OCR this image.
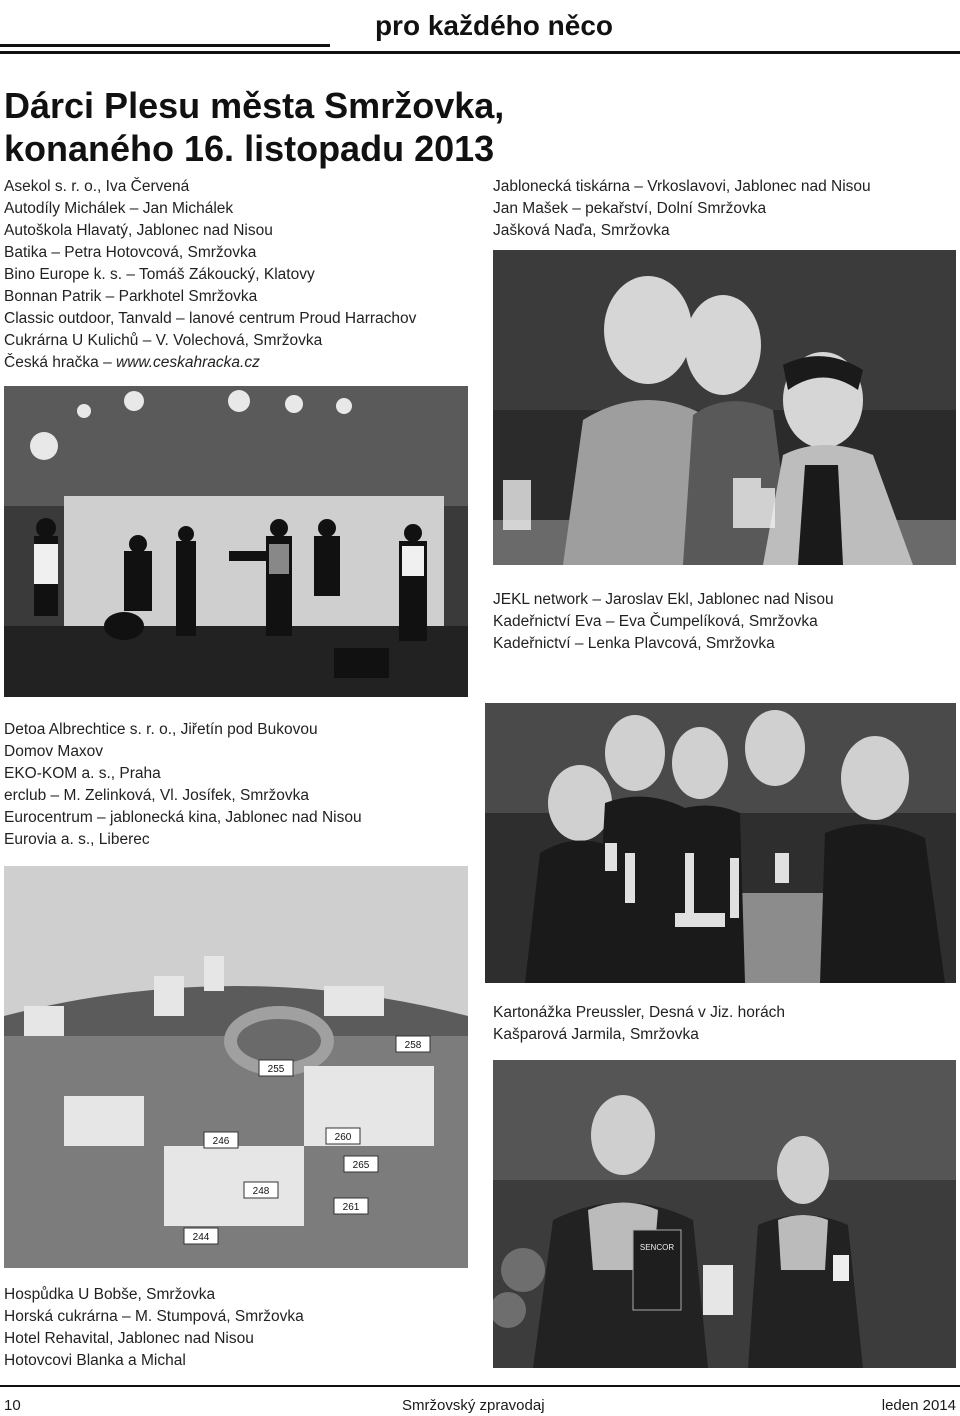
pro každého něco
Dárci Plesu města Smržovka, konaného 16. listopadu 2013
Asekol s. r. o., Iva Červená
Autodíly Michálek – Jan Michálek
Autoškola Hlavatý, Jablonec nad Nisou
Batika – Petra Hotovcová, Smržovka
Bino Europe k. s. – Tomáš Zákoucký, Klatovy
Bonnan Patrik – Parkhotel Smržovka
Classic outdoor, Tanvald – lanové centrum Proud Harrachov
Cukrárna U Kulichů – V. Volechová, Smržovka
Česká hračka – www.ceskahracka.cz
Jablonecká tiskárna – Vrkoslavovi, Jablonec nad Nisou
Jan Mašek – pekařství, Dolní Smržovka
Jašková Naďa, Smržovka
JEKL network – Jaroslav Ekl, Jablonec nad Nisou
Kadeřnictví Eva – Eva Čumpelíková, Smržovka
Kadeřnictví – Lenka Plavcová, Smržovka
Detoa Albrechtice s. r. o., Jiřetín pod Bukovou
Domov Maxov
EKO-KOM a. s., Praha
erclub – M. Zelinková, Vl. Josífek, Smržovka
Eurocentrum – jablonecká kina, Jablonec nad Nisou
Eurovia a. s., Liberec
255
258
246	260
265
248
261
244
Kartonážka Preussler, Desná v Jiz. horách
Kašparová Jarmila, Smržovka
SENCOR
Hospůdka U Bobše, Smržovka
Horská cukrárna – M. Stumpová, Smržovka
Hotel Rehavital, Jablonec nad Nisou
Hotovcovi Blanka a Michal
10	Smržovský zpravodaj	leden 2014
